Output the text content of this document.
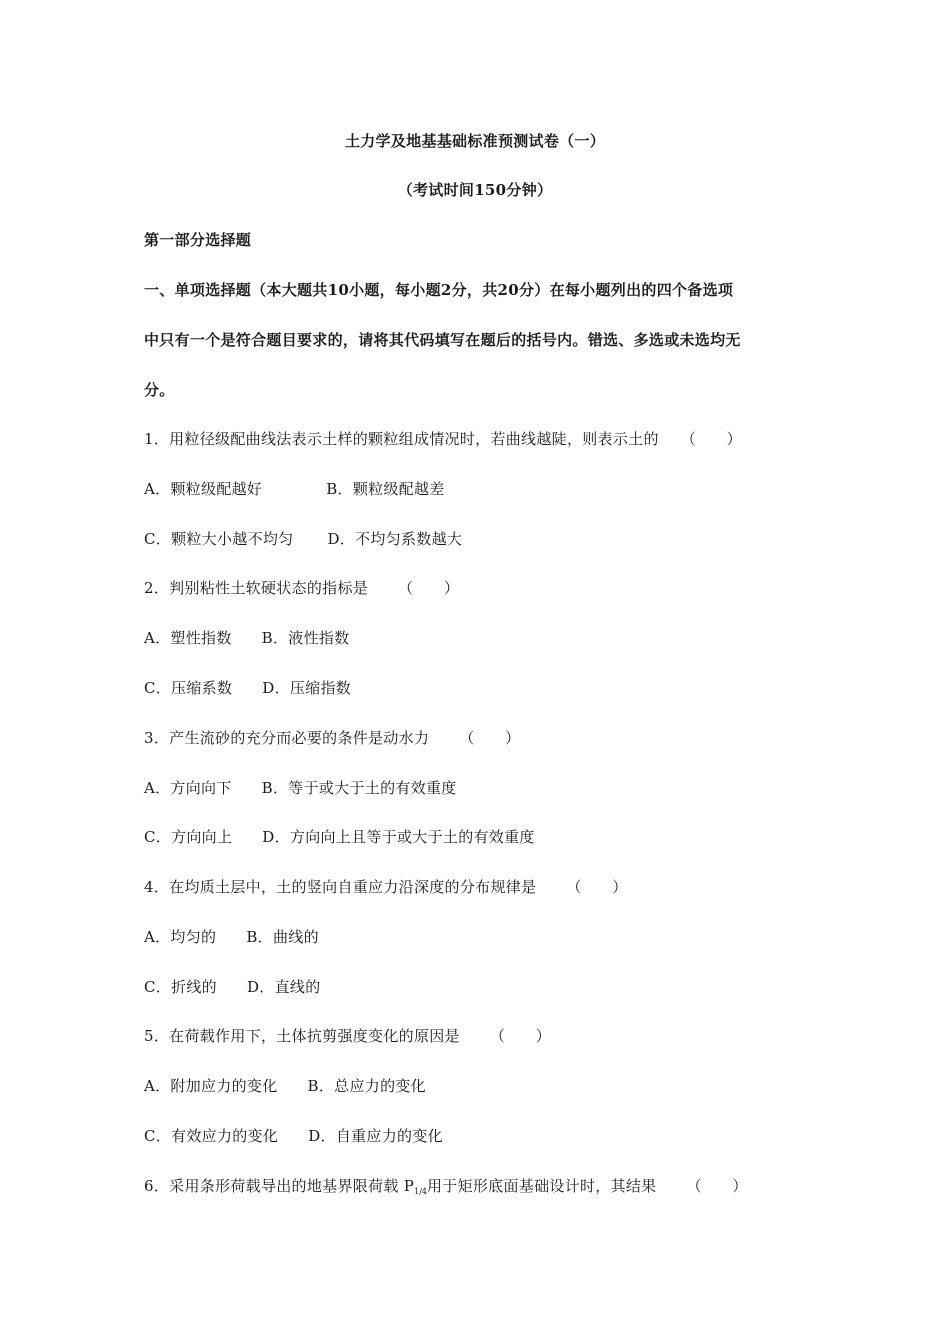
土力学及地基基础标准预测试卷（一）
（考试时间150分钟）
第一部分选择题
一、单项选择题（本大题共10小题，每小题2分，共20分）在每小题列出的四个备选项
中只有一个是符合题目要求的，请将其代码填写在题后的括号内。错选、多选或未选均无
分。
1．用粒径级配曲线法表示土样的颗粒组成情况时，若曲线越陡，则表示土的 （　　）
A．颗粒级配越好	B．颗粒级配越差
C．颗粒大小越不均匀 D．不均匀系数越大
2．判别粘性土软硬状态的指标是 （　　）
A．塑性指数 B．液性指数
C．压缩系数 D．压缩指数
3．产生流砂的充分而必要的条件是动水力 （　　）
A．方向向下 B．等于或大于土的有效重度
C．方向向上 D．方向向上且等于或大于土的有效重度
4．在均质土层中，土的竖向自重应力沿深度的分布规律是 （　　）
A．均匀的 B．曲线的
C．折线的 D．直线的
5．在荷载作用下，土体抗剪强度变化的原因是 （　　）
A．附加应力的变化 B．总应力的变化
C．有效应力的变化 D．自重应力的变化
6．采用条形荷载导出的地基界限荷载 $P_{1/4}$用于矩形底面基础设计时，其结果 （　　）
